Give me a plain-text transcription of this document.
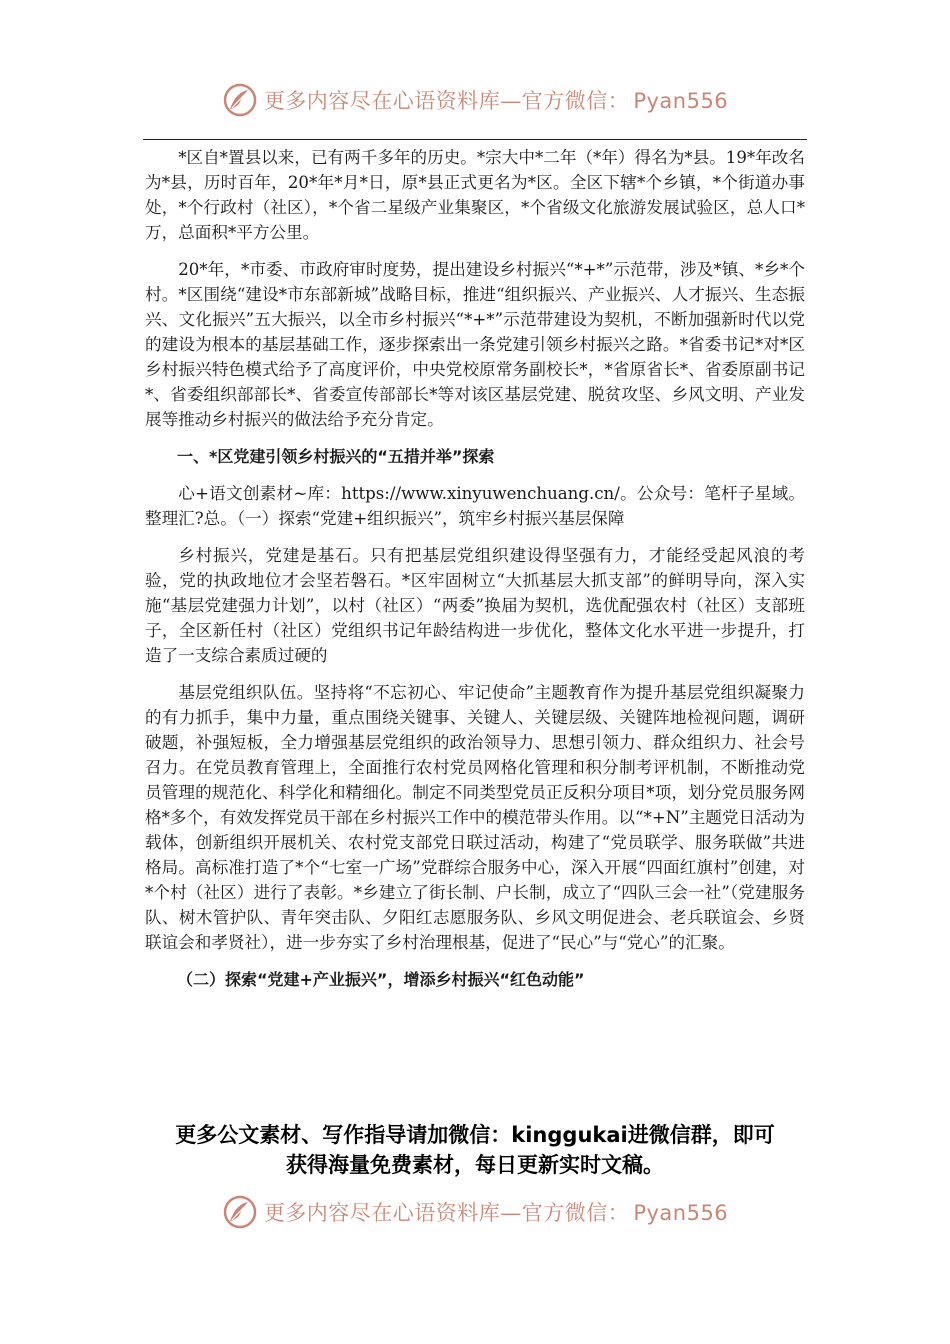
更多内容尽在心语资料库—官方微信： Pyan556

*区自*置县以来，已有两千多年的历史。*宗大中*二年（*年）得名为*县。19*年改名为*县，历时百年，20*年*月*日，原*县正式更名为*区。全区下辖*个乡镇，*个街道办事处，*个行政村（社区），*个省二星级产业集聚区，*个省级文化旅游发展试验区，总人口*万，总面积*平方公里。

20*年，*市委、市政府审时度势，提出建设乡村振兴“*+*”示范带，涉及*镇、*乡*个村。*区围绕“建设*市东部新城”战略目标，推进“组织振兴、产业振兴、人才振兴、生态振兴、文化振兴”五大振兴，以全市乡村振兴“*+*”示范带建设为契机，不断加强新时代以党的建设为根本的基层基础工作，逐步探索出一条党建引领乡村振兴之路。*省委书记*对*区乡村振兴特色模式给予了高度评价，中央党校原常务副校长*，*省原省长*、省委原副书记*、省委组织部部长*、省委宣传部部长*等对该区基层党建、脱贫攻坚、乡风文明、产业发展等推动乡村振兴的做法给予充分肯定。

一、*区党建引领乡村振兴的“五措并举”探索

心+语文创素材~库：https://www.xinyuwenchuang.cn/。公众号：笔杆子星域。整理汇?总。（一）探索“党建+组织振兴”，筑牢乡村振兴基层保障

乡村振兴，党建是基石。只有把基层党组织建设得坚强有力，才能经受起风浪的考验，党的执政地位才会坚若磐石。*区牢固树立“大抓基层大抓支部”的鲜明导向，深入实施“基层党建强力计划”，以村（社区）“两委”换届为契机，选优配强农村（社区）支部班子，全区新任村（社区）党组织书记年龄结构进一步优化，整体文化水平进一步提升，打造了一支综合素质过硬的

基层党组织队伍。坚持将“不忘初心、牢记使命”主题教育作为提升基层党组织凝聚力的有力抓手，集中力量，重点围绕关键事、关键人、关键层级、关键阵地检视问题，调研破题，补强短板，全力增强基层党组织的政治领导力、思想引领力、群众组织力、社会号召力。在党员教育管理上，全面推行农村党员网格化管理和积分制考评机制，不断推动党员管理的规范化、科学化和精细化。制定不同类型党员正反积分项目*项，划分党员服务网格*多个，有效发挥党员干部在乡村振兴工作中的模范带头作用。以“*+N”主题党日活动为载体，创新组织开展机关、农村党支部党日联过活动，构建了“党员联学、服务联做”共进格局。高标准打造了*个“七室一广场”党群综合服务中心，深入开展“四面红旗村”创建，对*个村（社区）进行了表彰。*乡建立了街长制、户长制，成立了“四队三会一社”（党建服务队、树木管护队、青年突击队、夕阳红志愿服务队、乡风文明促进会、老兵联谊会、乡贤联谊会和孝贤社），进一步夯实了乡村治理根基，促进了“民心”与“党心”的汇聚。

（二）探索“党建+产业振兴”，增添乡村振兴“红色动能”

更多公文素材、写作指导请加微信：kinggukai进微信群，即可
获得海量免费素材，每日更新实时文稿。
更多内容尽在心语资料库—官方微信： Pyan556
